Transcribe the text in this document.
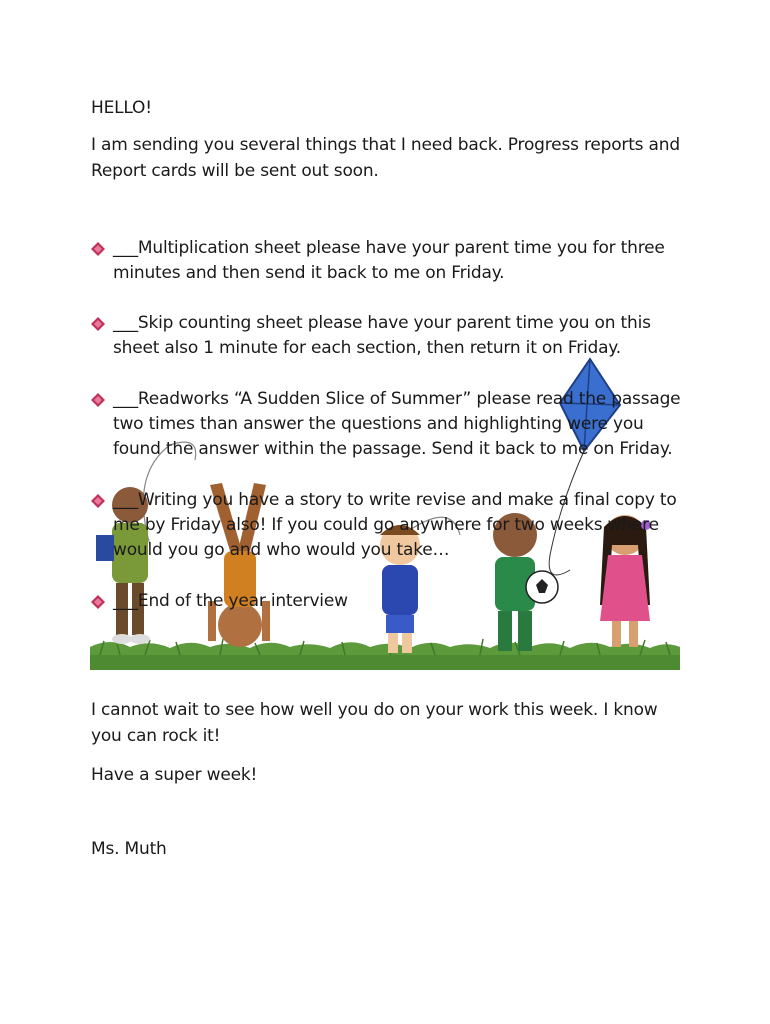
HELLO!
I am sending you several things that I need back. Progress reports and Report cards will be sent out soon.
___Multiplication sheet please have your parent time you for three minutes and then send it back to me on Friday.
___Skip counting sheet please have your parent time you on this sheet also 1 minute for each section, then return it on Friday.
___Readworks “A Sudden Slice of Summer” please read the passage two times than answer the questions and highlighting were you found the answer within the passage. Send it back to me on Friday.
___Writing you have a story to write revise and make a final copy to me by Friday also! If you could go anywhere for two weeks where would you go and who would you take…
___End of the year interview
I cannot wait to see how well you do on your work this week. I know you can rock it!
Have a super week!
Ms. Muth
